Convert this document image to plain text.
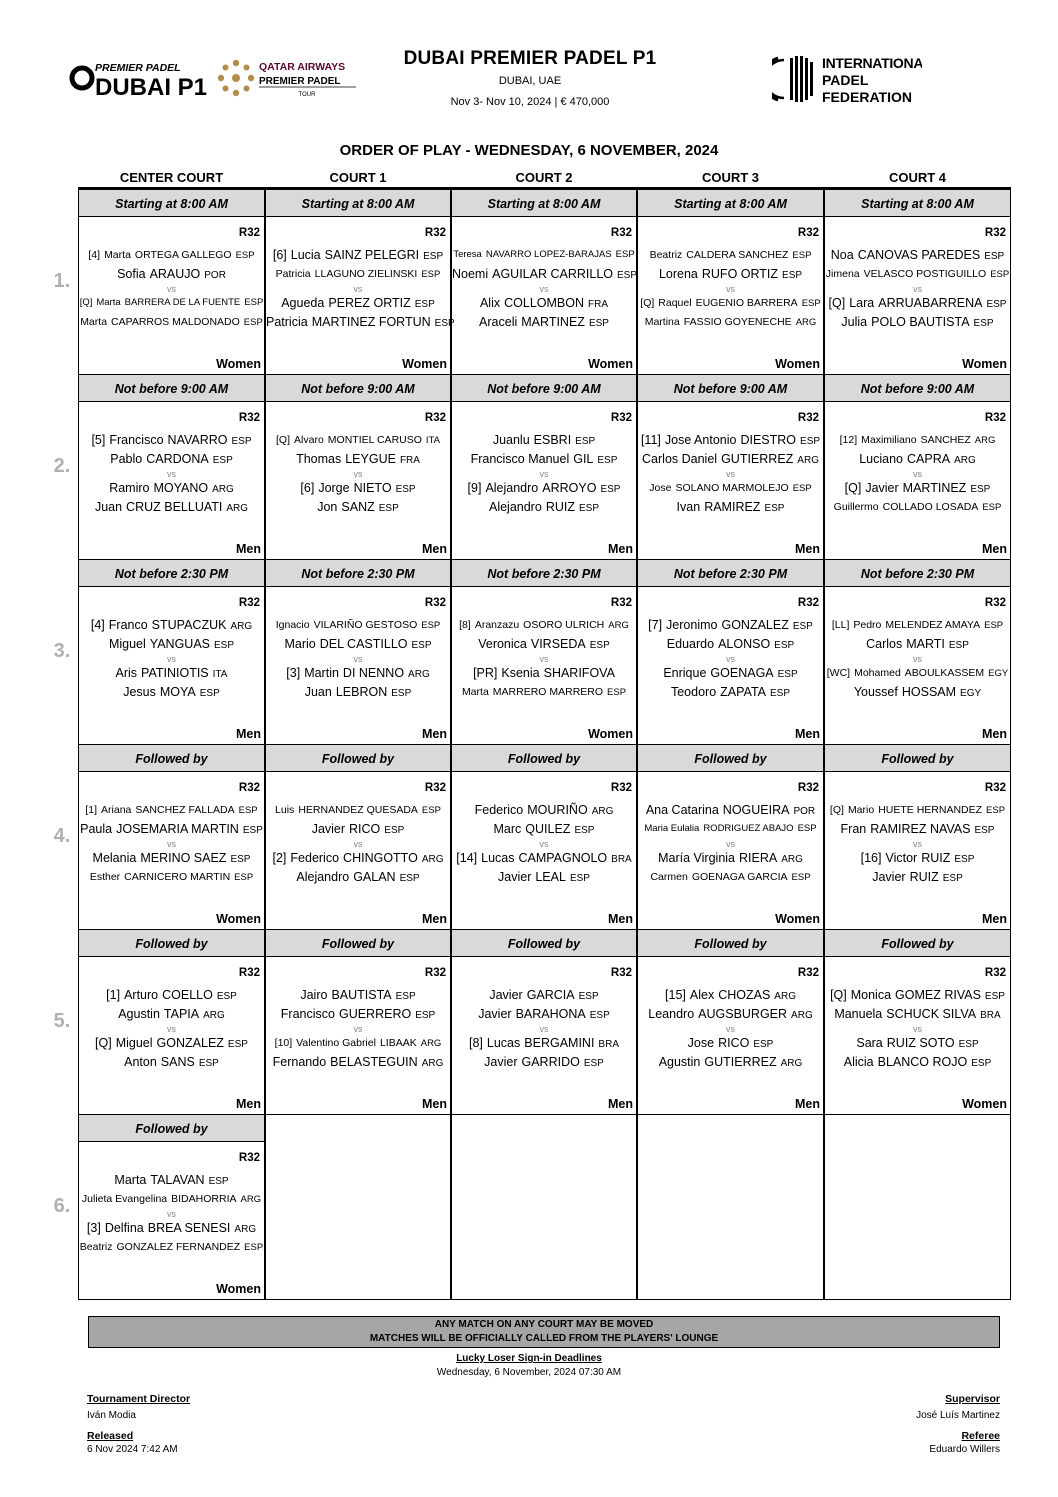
PREMIER PADEL
DUBAI P1
QATAR AIRWAYS
PREMIER PADEL
TOUR
DUBAI PREMIER PADEL P1
DUBAI, UAE
Nov 3- Nov 10, 2024 | € 470,000
INTERNATIONAL
PADEL
FEDERATION
ORDER OF PLAY - WEDNESDAY, 6 NOVEMBER, 2024
CENTER COURT	COURT 1	COURT 2	COURT 3	COURT 4
1.
Starting at 8:00 AM
R32
[4] Marta ORTEGA GALLEGO ESP
Sofia ARAUJO POR
[Q] Marta BARRERA DE LA FUENTE ESP
Marta CAPARROS MALDONADO ESP
vs
Women
Starting at 8:00 AM
R32
[6] Lucia SAINZ PELEGRI ESP
Patricia LLAGUNO ZIELINSKI ESP
Agueda PEREZ ORTIZ ESP
Patricia MARTINEZ FORTUN ESP
vs
Women
Starting at 8:00 AM
R32
Teresa NAVARRO LOPEZ-BARAJAS ESP
Noemi AGUILAR CARRILLO ESP
Alix COLLOMBON FRA
Araceli MARTINEZ ESP
vs
Women
Starting at 8:00 AM
R32
Beatriz CALDERA SANCHEZ ESP
Lorena RUFO ORTIZ ESP
[Q] Raquel EUGENIO BARRERA ESP
Martina FASSIO GOYENECHE ARG
vs
Women
Starting at 8:00 AM
R32
Noa CANOVAS PAREDES ESP
Jimena VELASCO POSTIGUILLO ESP
[Q] Lara ARRUABARRENA ESP
Julia POLO BAUTISTA ESP
vs
Women
2.
Not before 9:00 AM
R32
[5] Francisco NAVARRO ESP
Pablo CARDONA ESP
Ramiro MOYANO ARG
Juan CRUZ BELLUATI ARG
vs
Men
Not before 9:00 AM
R32
[Q] Alvaro MONTIEL CARUSO ITA
Thomas LEYGUE FRA
[6] Jorge NIETO ESP
Jon SANZ ESP
vs
Men
Not before 9:00 AM
R32
Juanlu ESBRI ESP
Francisco Manuel GIL ESP
[9] Alejandro ARROYO ESP
Alejandro RUIZ ESP
vs
Men
Not before 9:00 AM
R32
[11] Jose Antonio DIESTRO ESP
Carlos Daniel GUTIERREZ ARG
Jose SOLANO MARMOLEJO ESP
Ivan RAMIREZ ESP
vs
Men
Not before 9:00 AM
R32
[12] Maximiliano SANCHEZ ARG
Luciano CAPRA ARG
[Q] Javier MARTINEZ ESP
Guillermo COLLADO LOSADA ESP
vs
Men
3.
Not before 2:30 PM
R32
[4] Franco STUPACZUK ARG
Miguel YANGUAS ESP
Aris PATINIOTIS ITA
Jesus MOYA ESP
vs
Men
Not before 2:30 PM
R32
Ignacio VILARIÑO GESTOSO ESP
Mario DEL CASTILLO ESP
[3] Martin DI NENNO ARG
Juan LEBRON ESP
vs
Men
Not before 2:30 PM
R32
[8] Aranzazu OSORO ULRICH ARG
Veronica VIRSEDA ESP
[PR] Ksenia SHARIFOVA
Marta MARRERO MARRERO ESP
vs
Women
Not before 2:30 PM
R32
[7] Jeronimo GONZALEZ ESP
Eduardo ALONSO ESP
Enrique GOENAGA ESP
Teodoro ZAPATA ESP
vs
Men
Not before 2:30 PM
R32
[LL] Pedro MELENDEZ AMAYA ESP
Carlos MARTI ESP
[WC] Mohamed ABOULKASSEM EGY
Youssef HOSSAM EGY
vs
Men
4.
Followed by
R32
[1] Ariana SANCHEZ FALLADA ESP
Paula JOSEMARIA MARTIN ESP
Melania MERINO SAEZ ESP
Esther CARNICERO MARTIN ESP
vs
Women
Followed by
R32
Luis HERNANDEZ QUESADA ESP
Javier RICO ESP
[2] Federico CHINGOTTO ARG
Alejandro GALAN ESP
vs
Men
Followed by
R32
Federico MOURIÑO ARG
Marc QUILEZ ESP
[14] Lucas CAMPAGNOLO BRA
Javier LEAL ESP
vs
Men
Followed by
R32
Ana Catarina NOGUEIRA POR
Maria Eulalia RODRIGUEZ ABAJO ESP
María Virginia RIERA ARG
Carmen GOENAGA GARCIA ESP
vs
Women
Followed by
R32
[Q] Mario HUETE HERNANDEZ ESP
Fran RAMIREZ NAVAS ESP
[16] Victor RUIZ ESP
Javier RUIZ ESP
vs
Men
5.
Followed by
R32
[1] Arturo COELLO ESP
Agustin TAPIA ARG
[Q] Miguel GONZALEZ ESP
Anton SANS ESP
vs
Men
Followed by
R32
Jairo BAUTISTA ESP
Francisco GUERRERO ESP
[10] Valentino Gabriel LIBAAK ARG
Fernando BELASTEGUIN ARG
vs
Men
Followed by
R32
Javier GARCIA ESP
Javier BARAHONA ESP
[8] Lucas BERGAMINI BRA
Javier GARRIDO ESP
vs
Men
Followed by
R32
[15] Alex CHOZAS ARG
Leandro AUGSBURGER ARG
Jose RICO ESP
Agustin GUTIERREZ ARG
vs
Men
Followed by
R32
[Q] Monica GOMEZ RIVAS ESP
Manuela SCHUCK SILVA BRA
Sara RUIZ SOTO ESP
Alicia BLANCO ROJO ESP
vs
Women
6.
Followed by
R32
Marta TALAVAN ESP
Julieta Evangelina BIDAHORRIA ARG
[3] Delfina BREA SENESI ARG
Beatriz GONZALEZ FERNANDEZ ESP
vs
Women
ANY MATCH ON ANY COURT MAY BE MOVED
MATCHES WILL BE OFFICIALLY CALLED FROM THE PLAYERS' LOUNGE
Lucky Loser Sign-in Deadlines
Wednesday, 6 November, 2024 07:30 AM
Tournament Director
Iván Modia
Released
6 Nov 2024 7:42 AM
Supervisor
José Luís Martinez
Referee
Eduardo Willers
